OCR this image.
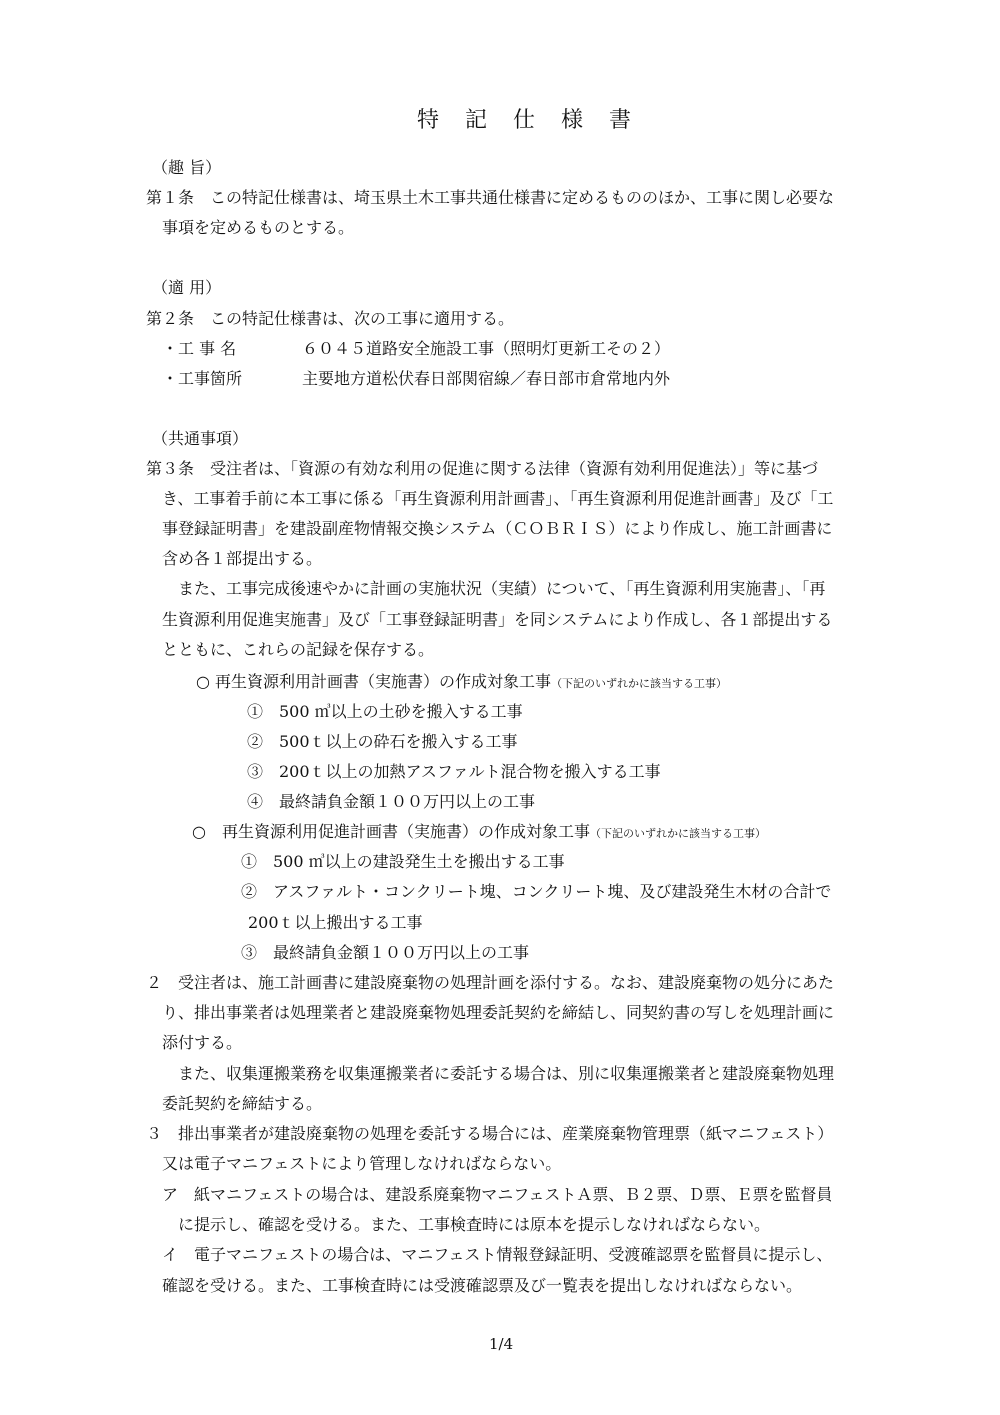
特記仕様書
（趣 旨）
第１条　この特記仕様書は、埼玉県土木工事共通仕様書に定めるもののほか、工事に関し必要な
事項を定めるものとする。
（適 用）
第２条　この特記仕様書は、次の工事に適用する。
・工 事 名	６０４５道路安全施設工事（照明灯更新工その２）
・工事箇所	主要地方道松伏春日部関宿線／春日部市倉常地内外
（共通事項）
第３条　受注者は、「資源の有効な利用の促進に関する法律（資源有効利用促進法）」等に基づ
き、工事着手前に本工事に係る「再生資源利用計画書」、「再生資源利用促進計画書」及び「工
事登録証明書」を建設副産物情報交換システム（ＣＯＢＲＩＳ）により作成し、施工計画書に
含め各１部提出する。
また、工事完成後速やかに計画の実施状況（実績）について、「再生資源利用実施書」、「再
生資源利用促進実施書」及び「工事登録証明書」を同システムにより作成し、各１部提出する
とともに、これらの記録を保存する。
○ 再生資源利用計画書（実施書）の作成対象工事（下記のいずれかに該当する工事）
①　500 ㎥以上の土砂を搬入する工事
②　500ｔ以上の砕石を搬入する工事
③　200ｔ以上の加熱アスファルト混合物を搬入する工事
④　最終請負金額１００万円以上の工事
○　再生資源利用促進計画書（実施書）の作成対象工事（下記のいずれかに該当する工事）
①　500 ㎥以上の建設発生土を搬出する工事
②　アスファルト・コンクリート塊、コンクリート塊、及び建設発生木材の合計で
200ｔ以上搬出する工事
③　最終請負金額１００万円以上の工事
２　受注者は、施工計画書に建設廃棄物の処理計画を添付する。なお、建設廃棄物の処分にあた
り、排出事業者は処理業者と建設廃棄物処理委託契約を締結し、同契約書の写しを処理計画に
添付する。
また、収集運搬業務を収集運搬業者に委託する場合は、別に収集運搬業者と建設廃棄物処理
委託契約を締結する。
３　排出事業者が建設廃棄物の処理を委託する場合には、産業廃棄物管理票（紙マニフェスト）
又は電子マニフェストにより管理しなければならない。
ア　紙マニフェストの場合は、建設系廃棄物マニフェストＡ票、Ｂ２票、Ｄ票、Ｅ票を監督員
に提示し、確認を受ける。また、工事検査時には原本を提示しなければならない。
イ　電子マニフェストの場合は、マニフェスト情報登録証明、受渡確認票を監督員に提示し、
確認を受ける。また、工事検査時には受渡確認票及び一覧表を提出しなければならない。
1/4
